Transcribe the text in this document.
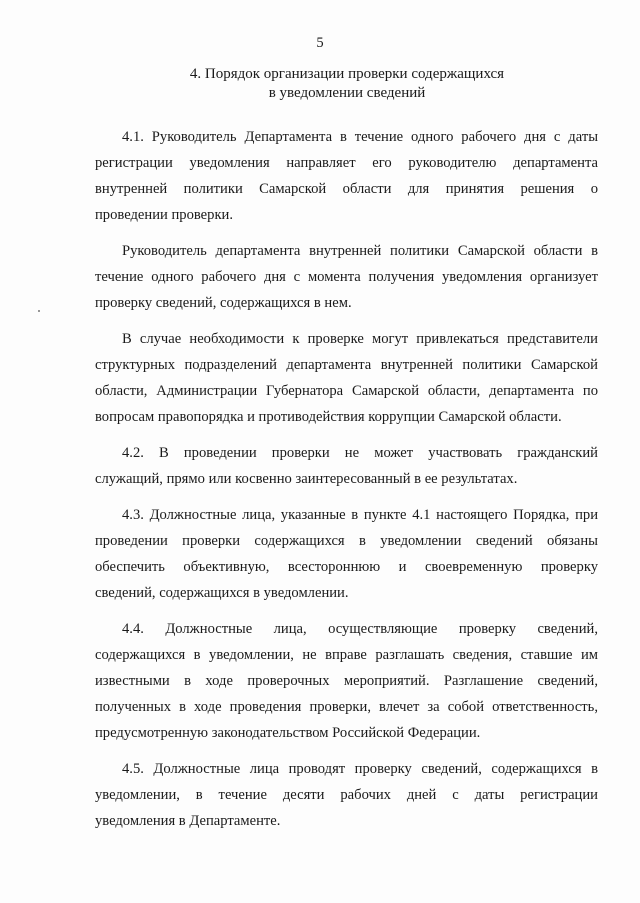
5
4. Порядок организации проверки содержащихся
в уведомлении сведений

4.1. Руководитель Департамента в течение одного рабочего дня с даты
регистрации уведомления направляет его руководителю департамента
внутренней политики Самарской области для принятия решения о
проведении проверки.

Руководитель департамента внутренней политики Самарской области в
течение одного рабочего дня с момента получения уведомления организует
проверку сведений, содержащихся в нем.

В случае необходимости к проверке могут привлекаться представители
структурных подразделений департамента внутренней политики Самарской
области, Администрации Губернатора Самарской области, департамента по
вопросам правопорядка и противодействия коррупции Самарской области.

4.2. В проведении проверки не может участвовать гражданский
служащий, прямо или косвенно заинтересованный в ее результатах.

4.3. Должностные лица, указанные в пункте 4.1 настоящего Порядка, при
проведении проверки содержащихся в уведомлении сведений обязаны
обеспечить объективную, всестороннюю и своевременную проверку
сведений, содержащихся в уведомлении.

4.4. Должностные лица, осуществляющие проверку сведений,
содержащихся в уведомлении, не вправе разглашать сведения, ставшие им
известными в ходе проверочных мероприятий. Разглашение сведений,
полученных в ходе проведения проверки, влечет за собой ответственность,
предусмотренную законодательством Российской Федерации.

4.5. Должностные лица проводят проверку сведений, содержащихся в
уведомлении, в течение десяти рабочих дней с даты регистрации
уведомления в Департаменте.
